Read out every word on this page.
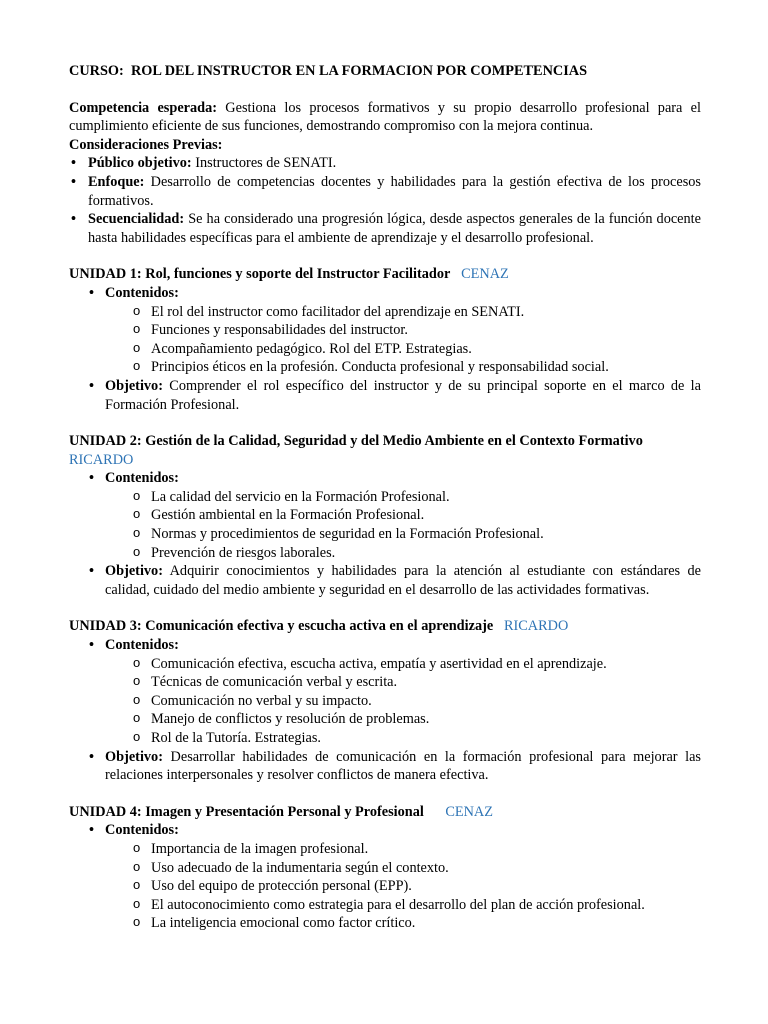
CURSO: ROL DEL INSTRUCTOR EN LA FORMACION POR COMPETENCIAS

Competencia esperada: Gestiona los procesos formativos y su propio desarrollo profesional para el cumplimiento eficiente de sus funciones, demostrando compromiso con la mejora continua.

Consideraciones Previas:

• Público objetivo: Instructores de SENATI.
• Enfoque: Desarrollo de competencias docentes y habilidades para la gestión efectiva de los procesos formativos.
• Secuencialidad: Se ha considerado una progresión lógica, desde aspectos generales de la función docente hasta habilidades específicas para el ambiente de aprendizaje y el desarrollo profesional.

UNIDAD 1: Rol, funciones y soporte del Instructor Facilitador CENAZ

• Contenidos:
o El rol del instructor como facilitador del aprendizaje en SENATI.
o Funciones y responsabilidades del instructor.
o Acompañamiento pedagógico. Rol del ETP. Estrategias.
o Principios éticos en la profesión. Conducta profesional y responsabilidad social.
• Objetivo: Comprender el rol específico del instructor y de su principal soporte en el marco de la Formación Profesional.

UNIDAD 2: Gestión de la Calidad, Seguridad y del Medio Ambiente en el Contexto Formativo RICARDO

• Contenidos:
o La calidad del servicio en la Formación Profesional.
o Gestión ambiental en la Formación Profesional.
o Normas y procedimientos de seguridad en la Formación Profesional.
o Prevención de riesgos laborales.
• Objetivo: Adquirir conocimientos y habilidades para la atención al estudiante con estándares de calidad, cuidado del medio ambiente y seguridad en el desarrollo de las actividades formativas.

UNIDAD 3: Comunicación efectiva y escucha activa en el aprendizaje RICARDO

• Contenidos:
o Comunicación efectiva, escucha activa, empatía y asertividad en el aprendizaje.
o Técnicas de comunicación verbal y escrita.
o Comunicación no verbal y su impacto.
o Manejo de conflictos y resolución de problemas.
o Rol de la Tutoría. Estrategias.
• Objetivo: Desarrollar habilidades de comunicación en la formación profesional para mejorar las relaciones interpersonales y resolver conflictos de manera efectiva.

UNIDAD 4: Imagen y Presentación Personal y Profesional CENAZ

• Contenidos:
o Importancia de la imagen profesional.
o Uso adecuado de la indumentaria según el contexto.
o Uso del equipo de protección personal (EPP).
o El autoconocimiento como estrategia para el desarrollo del plan de acción profesional.
o La inteligencia emocional como factor crítico.
